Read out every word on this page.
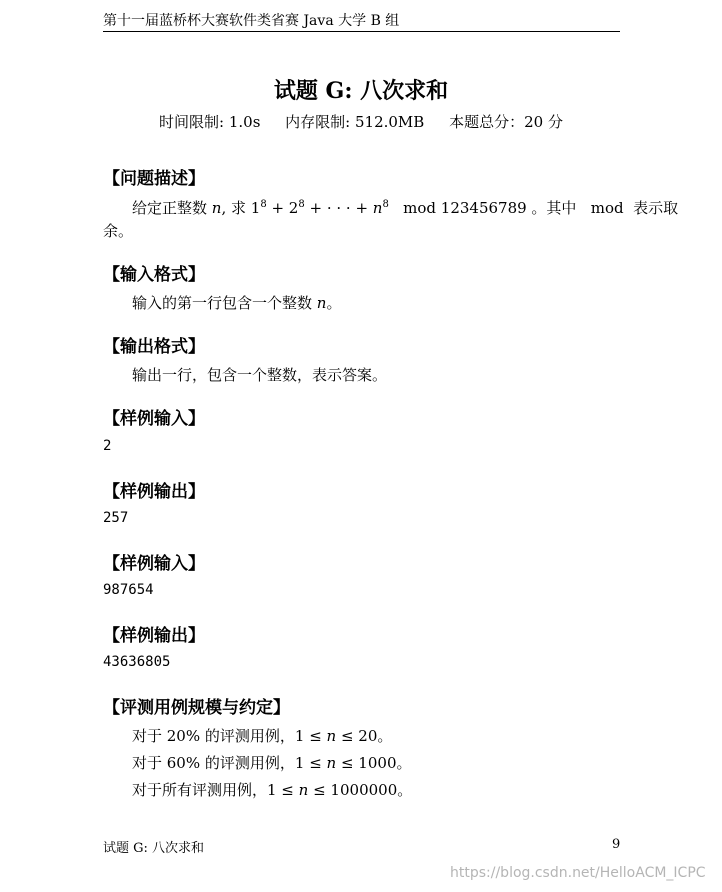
第十一届蓝桥杯大赛软件类省赛 Java 大学 B 组
试题 G: 八次求和
时间限制: 1.0s 内存限制: 512.0MB 本题总分：20 分
【问题描述】
给定正整数 n, 求 $1^8 + 2^8$ + · · · + $n^8$   mod 123456789 。其中   mod  表示取
余。
【输入格式】
输入的第一行包含一个整数 n。
【输出格式】
输出一行，包含一个整数，表示答案。
【样例输入】
2
【样例输出】
257
【样例输入】
987654
【样例输出】
43636805
【评测用例规模与约定】
对于 20% 的评测用例，1 ≤ n ≤ 20。
对于 60% 的评测用例，1 ≤ n ≤ 1000。
对于所有评测用例，1 ≤ n ≤ 1000000。
试题 G: 八次求和	9
https://blog.csdn.net/HelloACM_ICPC
